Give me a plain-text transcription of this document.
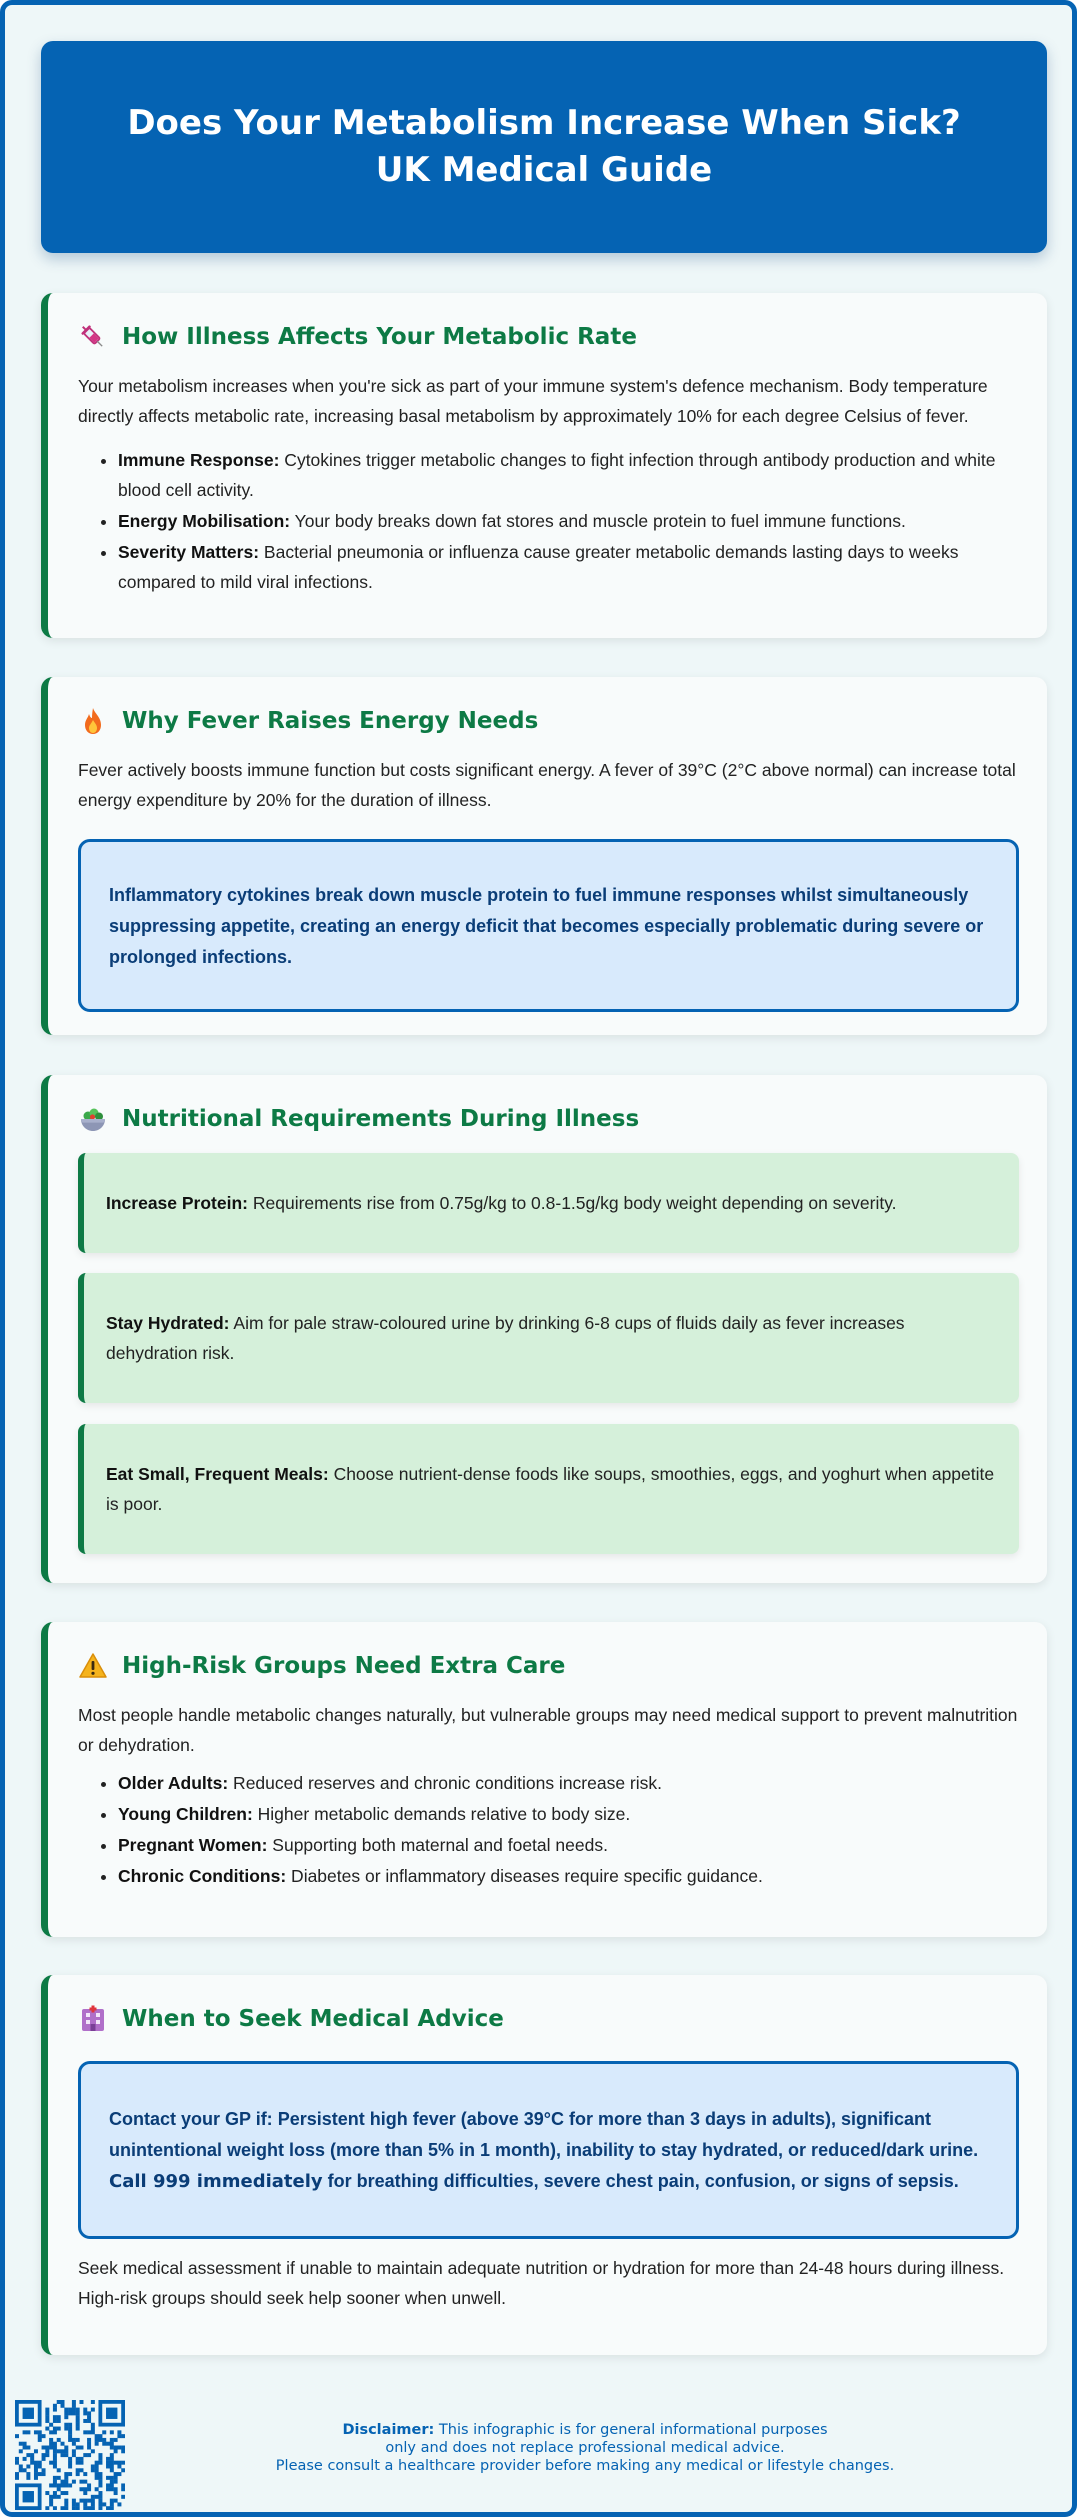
Does Your Metabolism Increase When Sick? UK Medical Guide
How Illness Affects Your Metabolic Rate

Your metabolism increases when you're sick as part of your immune system's defence mechanism. Body temperature directly affects metabolic rate, increasing basal metabolism by approximately 10% for each degree Celsius of fever.

• Immune Response: Cytokines trigger metabolic changes to fight infection through antibody production and white blood cell activity.
• Energy Mobilisation: Your body breaks down fat stores and muscle protein to fuel immune functions.
• Severity Matters: Bacterial pneumonia or influenza cause greater metabolic demands lasting days to weeks compared to mild viral infections.
Why Fever Raises Energy Needs

Fever actively boosts immune function but costs significant energy. A fever of 39°C (2°C above normal) can increase total energy expenditure by 20% for the duration of illness.

Inflammatory cytokines break down muscle protein to fuel immune responses whilst simultaneously suppressing appetite, creating an energy deficit that becomes especially problematic during severe or prolonged infections.
Nutritional Requirements During Illness

Increase Protein: Requirements rise from 0.75g/kg to 0.8-1.5g/kg body weight depending on severity.

Stay Hydrated: Aim for pale straw-coloured urine by drinking 6-8 cups of fluids daily as fever increases dehydration risk.

Eat Small, Frequent Meals: Choose nutrient-dense foods like soups, smoothies, eggs, and yoghurt when appetite is poor.

High-Risk Groups Need Extra Care

Most people handle metabolic changes naturally, but vulnerable groups may need medical support to prevent malnutrition or dehydration.

• Older Adults: Reduced reserves and chronic conditions increase risk.
• Young Children: Higher metabolic demands relative to body size.
• Pregnant Women: Supporting both maternal and foetal needs.
• Chronic Conditions: Diabetes or inflammatory diseases require specific guidance.
When to Seek Medical Advice
Contact your GP if: Persistent high fever (above 39°C for more than 3 days in adults), significant unintentional weight loss (more than 5% in 1 month), inability to stay hydrated, or reduced/dark urine. Call 999 immediately for breathing difficulties, severe chest pain, confusion, or signs of sepsis.

Seek medical assessment if unable to maintain adequate nutrition or hydration for more than 24-48 hours during illness. High-risk groups should seek help sooner when unwell.

Disclaimer: This infographic is for general informational purposes
only and does not replace professional medical advice.
Please consult a healthcare provider before making any medical or lifestyle changes.
